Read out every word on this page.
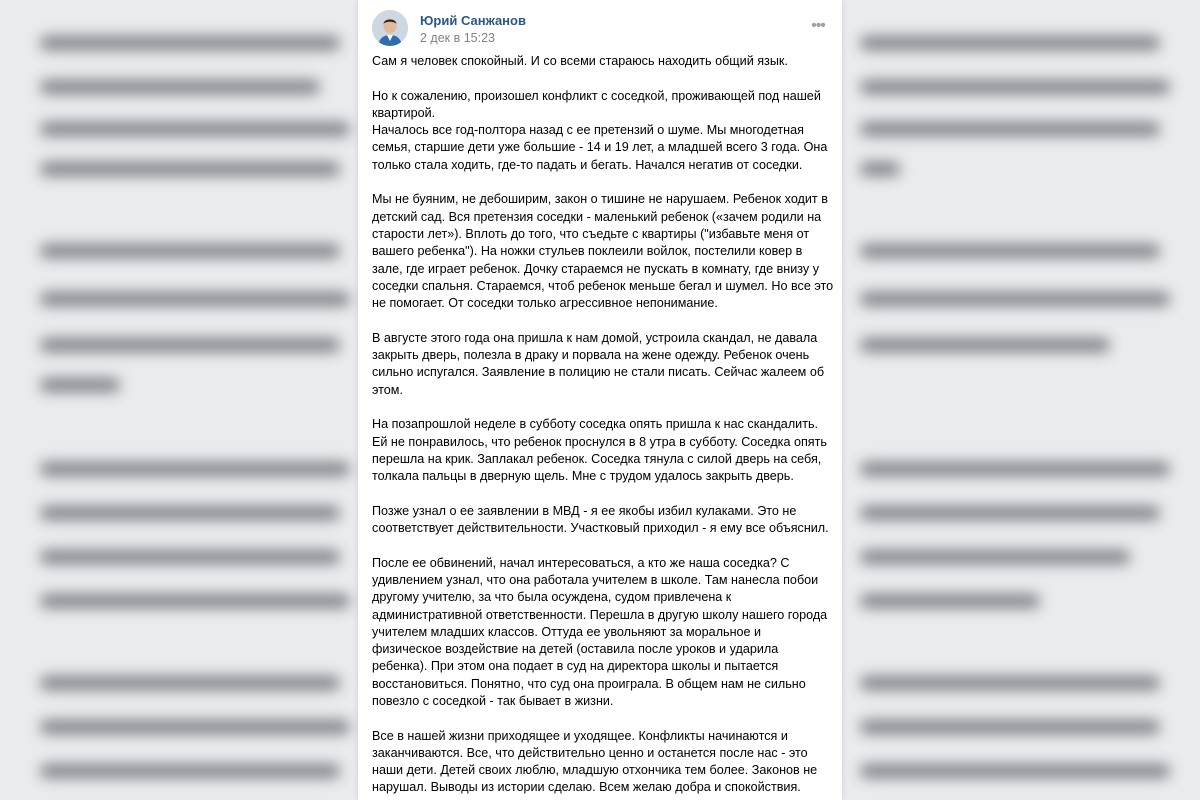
Юрий Санжанов
2 дек в 15:23
•••

Сам я человек спокойный. И со всеми стараюсь находить общий язык.

Но к сожалению, произошел конфликт с соседкой, проживающей под нашей квартирой.
Началось все год-полтора назад с ее претензий о шуме. Мы многодетная семья, старшие дети уже большие - 14 и 19 лет, а младшей всего 3 года. Она только стала ходить, где-то падать и бегать. Начался негатив от соседки.

Мы не буяним, не дебоширим, закон о тишине не нарушаем. Ребенок ходит в детский сад. Вся претензия соседки - маленький ребенок («зачем родили на старости лет»). Вплоть до того, что съедьте с квартиры ("избавьте меня от вашего ребенка"). На ножки стульев поклеили войлок, постелили ковер в зале, где играет ребенок. Дочку стараемся не пускать в комнату, где внизу у соседки спальня. Стараемся, чтоб ребенок меньше бегал и шумел. Но все это не помогает. От соседки только агрессивное непонимание.

В августе этого года она пришла к нам домой, устроила скандал, не давала закрыть дверь, полезла в драку и порвала на жене одежду. Ребенок очень сильно испугался. Заявление в полицию не стали писать. Сейчас жалеем об этом.

На позапрошлой неделе в субботу соседка опять пришла к нас скандалить. Ей не понравилось, что ребенок проснулся в 8 утра в субботу. Соседка опять перешла на крик. Заплакал ребенок. Соседка тянула с силой дверь на себя, толкала пальцы в дверную щель. Мне с трудом удалось закрыть дверь.

Позже узнал о ее заявлении в МВД - я ее якобы избил кулаками. Это не соответствует действительности. Участковый приходил - я ему все объяснил.

После ее обвинений, начал интересоваться, а кто же наша соседка? С удивлением узнал, что она работала учителем в школе. Там нанесла побои другому учителю, за что была осуждена, судом привлечена к административной ответственности. Перешла в другую школу нашего города учителем младших классов. Оттуда ее увольняют за моральное и физическое воздействие на детей (оставила после уроков и ударила ребенка). При этом она подает в суд на директора школы и пытается восстановиться. Понятно, что суд она проиграла. В общем нам не сильно повезло с соседкой - так бывает в жизни.

Все в нашей жизни приходящее и уходящее. Конфликты начинаются и заканчиваются. Все, что действительно ценно и останется после нас - это наши дети. Детей своих люблю, младшую отхончика тем более. Законов не нарушал. Выводы из истории сделаю. Всем желаю добра и спокойствия.
